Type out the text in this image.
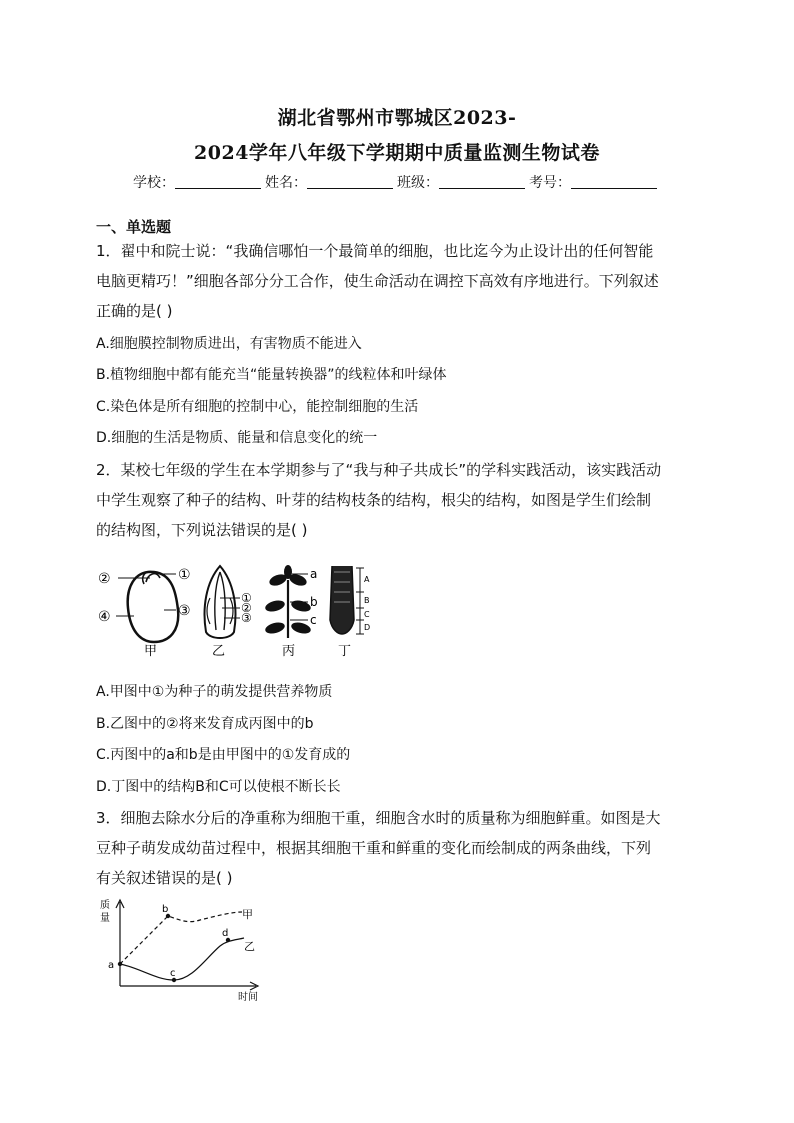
湖北省鄂州市鄂城区2023-
2024学年八年级下学期期中质量监测生物试卷
学校：	姓名：	班级：	考号：
一、单选题
1．翟中和院士说：“我确信哪怕一个最简单的细胞，也比迄今为止设计出的任何智能
电脑更精巧！”细胞各部分分工合作，使生命活动在调控下高效有序地进行。下列叙述
正确的是( )
A.细胞膜控制物质进出，有害物质不能进入
B.植物细胞中都有能充当“能量转换器”的线粒体和叶绿体
C.染色体是所有细胞的控制中心，能控制细胞的生活
D.细胞的生活是物质、能量和信息变化的统一
2．某校七年级的学生在本学期参与了“我与种子共成长”的学科实践活动，该实践活动
中学生观察了种子的结构、叶芽的结构枝条的结构，根尖的结构，如图是学生们绘制
的结构图，下列说法错误的是( )
②	①
④	③
甲
①
②
③
乙
a
b
c
丙
A
B
C
D
丁
A.甲图中①为种子的萌发提供营养物质
B.乙图中的②将来发育成丙图中的b
C.丙图中的a和b是由甲图中的①发育成的
D.丁图中的结构B和C可以使根不断长长
3．细胞去除水分后的净重称为细胞干重，细胞含水时的质量称为细胞鲜重。如图是大
豆种子萌发成幼苗过程中，根据其细胞干重和鲜重的变化而绘制成的两条曲线，下列
有关叙述错误的是( )
质 量
时间
a
b
c
d
甲
乙
